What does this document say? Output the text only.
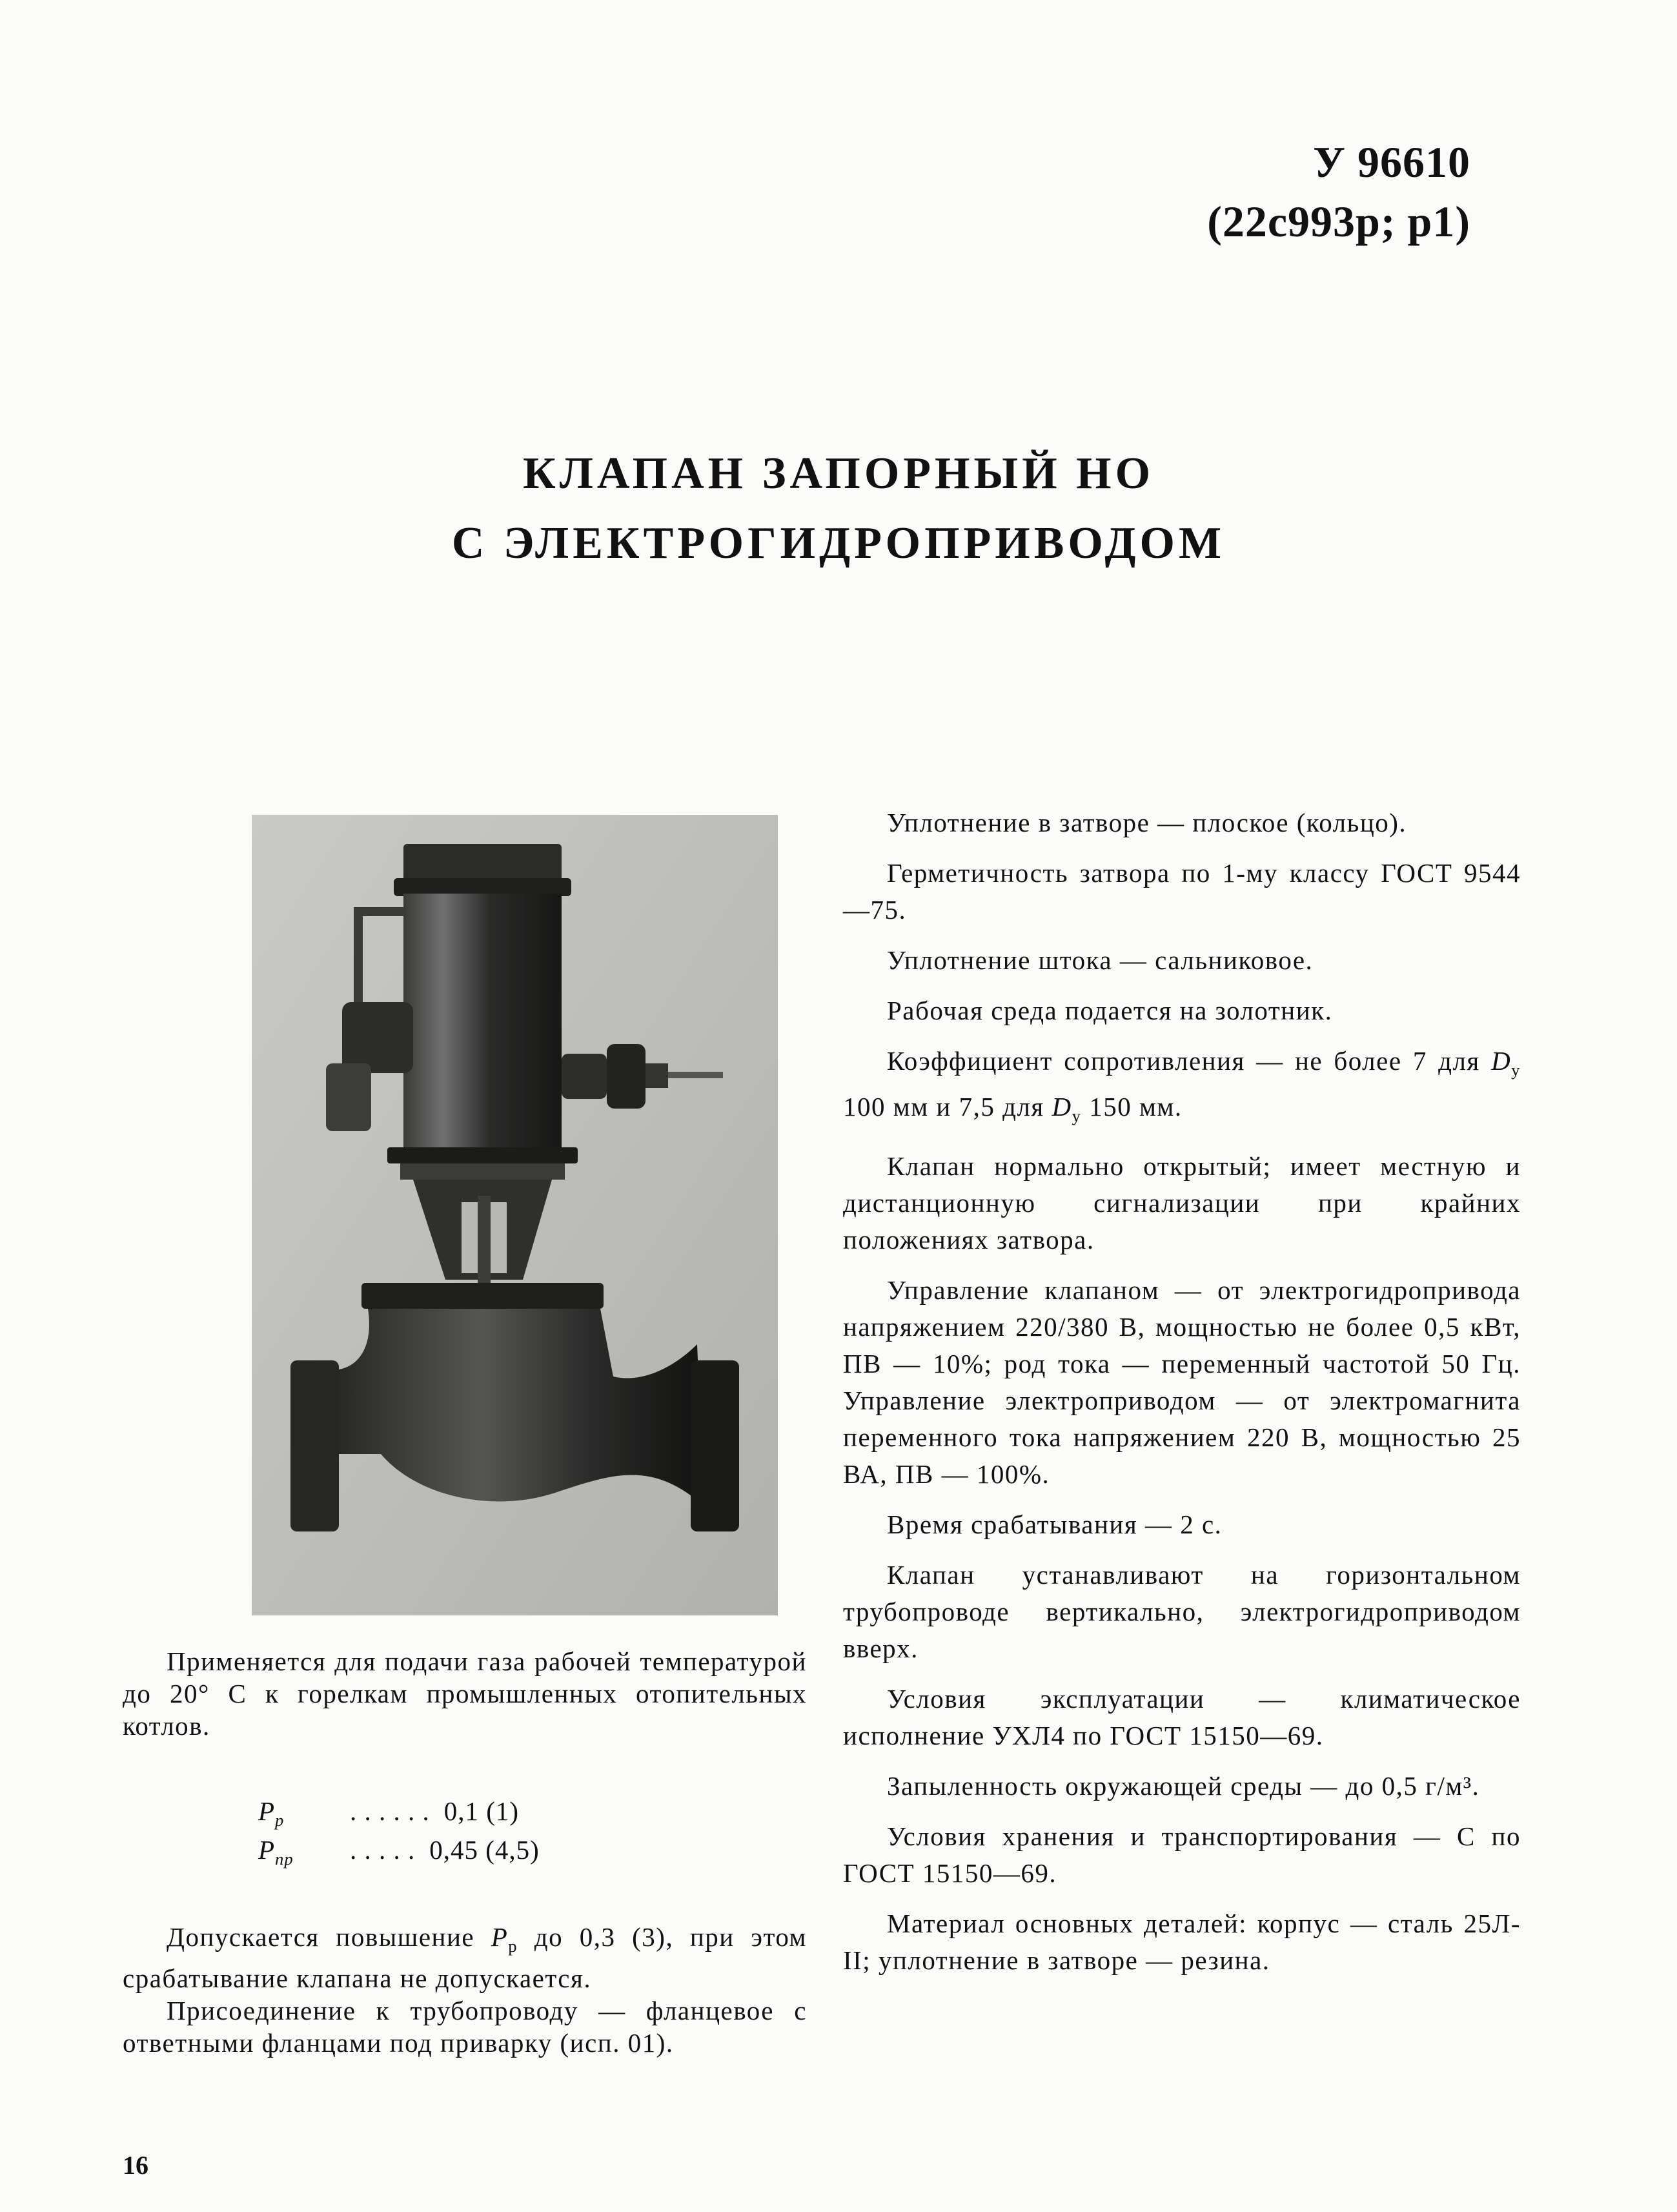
У 96610
(22с993р; р1)
КЛАПАН ЗАПОРНЫЙ НО
С ЭЛЕКТРОГИДРОПРИВОДОМ

Уплотнение в затворе — плоское (кольцо).

Герметичность затвора по 1-му классу ГОСТ 9544—75.

Уплотнение штока — сальниковое.

Рабочая среда подается на золотник.

Коэффициент сопротивления — не более 7 для $D_у$ 100 мм и 7,5 для $D_у$ 150 мм.

Клапан нормально открытый; имеет местную и дистанционную сигнализации при крайних положениях затвора.

Управление клапаном — от электрогидропривода напряжением 220/380 В, мощностью не более 0,5 кВт, ПВ — 10%; род тока — переменный частотой 50 Гц. Управление электроприводом — от электромагнита переменного тока напряжением 220 В, мощностью 25 ВА, ПВ — 100%.

Время срабатывания — 2 с.

Клапан устанавливают на горизонтальном трубопроводе вертикально, электрогидроприводом вверх.

Условия эксплуатации — климатическое исполнение УХЛ4 по ГОСТ 15150—69.

Запыленность окружающей среды — до 0,5 г/м³.

Условия хранения и транспортирования — С по ГОСТ 15150—69.

Материал основных деталей: корпус — сталь 25Л-II; уплотнение в затворе — резина.

Применяется для подачи газа рабочей температурой до 20° С к горелкам промышленных отопительных котлов.

$P_р$	. . . . . . 0,1 (1)
$P_{пр}$	. . . . . 0,45 (4,5)

Допускается повышение $P_р$ до 0,3 (3), при этом срабатывание клапана не допускается.

Присоединение к трубопроводу — фланцевое с ответными фланцами под приварку (исп. 01).

16
